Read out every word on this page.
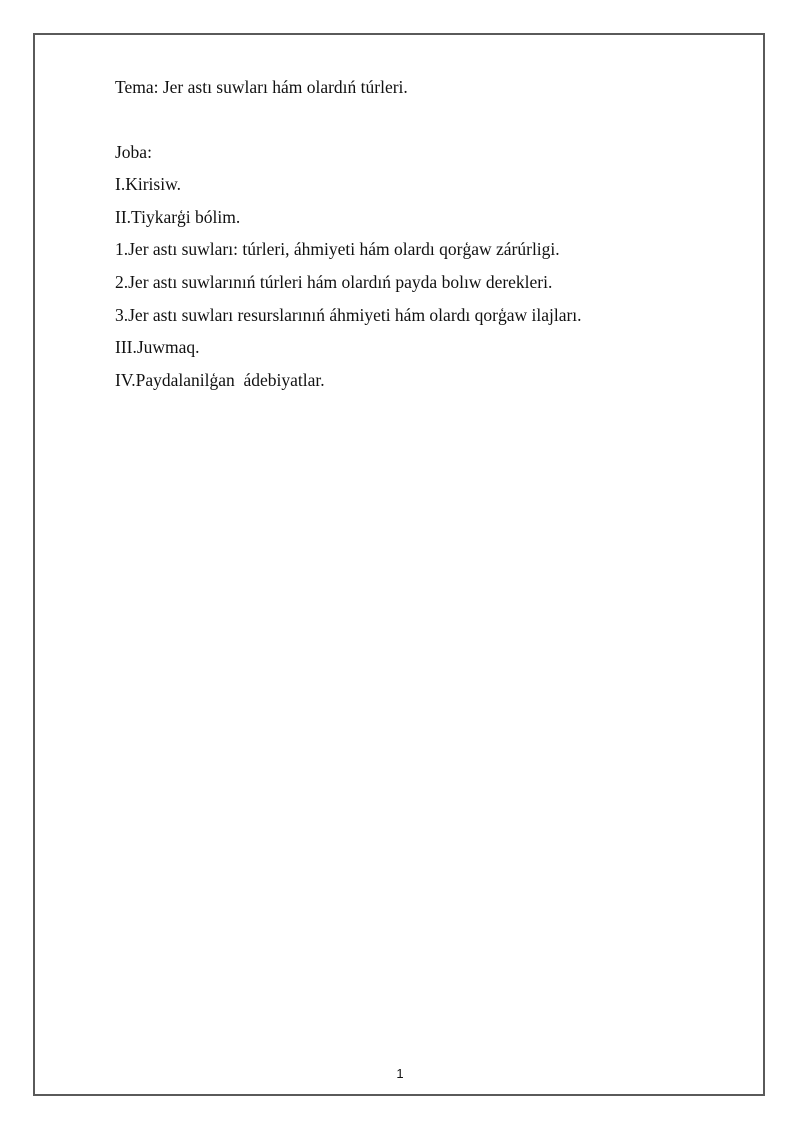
Tema: Jer astı suwları hám olardıń túrleri.
Joba:
I.Kirisiw.
II.Tiykarģi bólim.
1.Jer astı suwları: túrleri, áhmiyeti hám olardı qorģaw zárúrligi.
2.Jer astı suwlarınıń túrleri hám olardıń payda bolıw derekleri.
3.Jer astı suwları resurslarınıń áhmiyeti hám olardı qorģaw ilajları.
III.Juwmaq.
IV.Paydalanilģan  ádebiyatlar.
1
